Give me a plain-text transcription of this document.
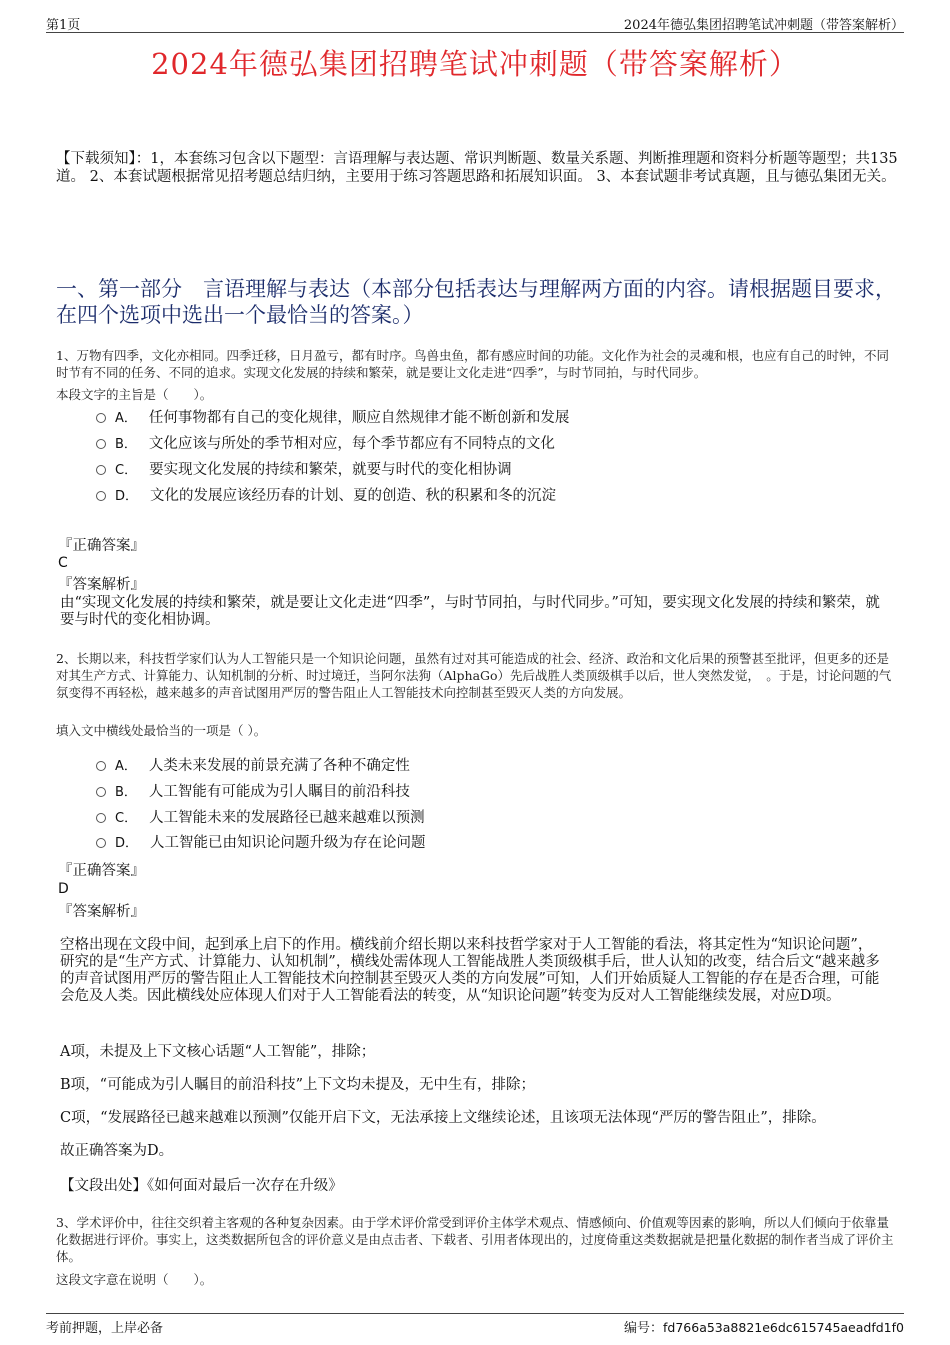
第1页	2024年德弘集团招聘笔试冲刺题（带答案解析）
2024年德弘集团招聘笔试冲刺题（带答案解析）
【下载须知】：1，本套练习包含以下题型：言语理解与表达题、常识判断题、数量关系题、判断推理题和资料分析题等题型；共135道。 2、本套试题根据常见招考题总结归纳，主要用于练习答题思路和拓展知识面。 3、本套试题非考试真题，且与德弘集团无关。
一、第一部分　言语理解与表达（本部分包括表达与理解两方面的内容。请根据题目要求，在四个选项中选出一个最恰当的答案。）
1、万物有四季，文化亦相同。四季迁移，日月盈亏，都有时序。鸟兽虫鱼，都有感应时间的功能。文化作为社会的灵魂和根，也应有自己的时钟，不同时节有不同的任务、不同的追求。实现文化发展的持续和繁荣，就是要让文化走进“四季”，与时节同拍，与时代同步。
本段文字的主旨是（　　）。
A． 任何事物都有自己的变化规律，顺应自然规律才能不断创新和发展
B． 文化应该与所处的季节相对应，每个季节都应有不同特点的文化
C． 要实现文化发展的持续和繁荣，就要与时代的变化相协调
D． 文化的发展应该经历春的计划、夏的创造、秋的积累和冬的沉淀
『正确答案』
C
『答案解析』
由“实现文化发展的持续和繁荣，就是要让文化走进“四季”，与时节同拍，与时代同步。”可知，要实现文化发展的持续和繁荣，就要与时代的变化相协调。
2、长期以来，科技哲学家们认为人工智能只是一个知识论问题，虽然有过对其可能造成的社会、经济、政治和文化后果的预警甚至批评，但更多的还是对其生产方式、计算能力、认知机制的分析、时过境迁，当阿尔法狗（AlphaGo）先后战胜人类顶级棋手以后，世人突然发觉，　。于是，讨论问题的气氛变得不再轻松，越来越多的声音试图用严厉的警告阻止人工智能技术向控制甚至毁灭人类的方向发展。
填入文中横线处最恰当的一项是（ ）。
A． 人类未来发展的前景充满了各种不确定性
B． 人工智能有可能成为引人瞩目的前沿科技
C． 人工智能未来的发展路径已越来越难以预测
D． 人工智能已由知识论问题升级为存在论问题
『正确答案』
D
『答案解析』
空格出现在文段中间，起到承上启下的作用。横线前介绍长期以来科技哲学家对于人工智能的看法，将其定性为“知识论问题”，研究的是“生产方式、计算能力、认知机制”，横线处需体现人工智能战胜人类顶级棋手后，世人认知的改变，结合后文“越来越多的声音试图用严厉的警告阻止人工智能技术向控制甚至毁灭人类的方向发展”可知，人们开始质疑人工智能的存在是否合理，可能会危及人类。因此横线处应体现人们对于人工智能看法的转变，从“知识论问题”转变为反对人工智能继续发展，对应D项。
A项，未提及上下文核心话题“人工智能”，排除；
B项，“可能成为引人瞩目的前沿科技”上下文均未提及，无中生有，排除；
C项，“发展路径已越来越难以预测”仅能开启下文，无法承接上文继续论述，且该项无法体现“严厉的警告阻止”，排除。
故正确答案为D。
【文段出处】《如何面对最后一次存在升级》
3、学术评价中，往往交织着主客观的各种复杂因素。由于学术评价常受到评价主体学术观点、情感倾向、价值观等因素的影响，所以人们倾向于依靠量化数据进行评价。事实上，这类数据所包含的评价意义是由点击者、下载者、引用者体现出的，过度倚重这类数据就是把量化数据的制作者当成了评价主体。
这段文字意在说明（　　）。
考前押题，上岸必备	编号：fd766a53a8821e6dc615745aeadfd1f0
